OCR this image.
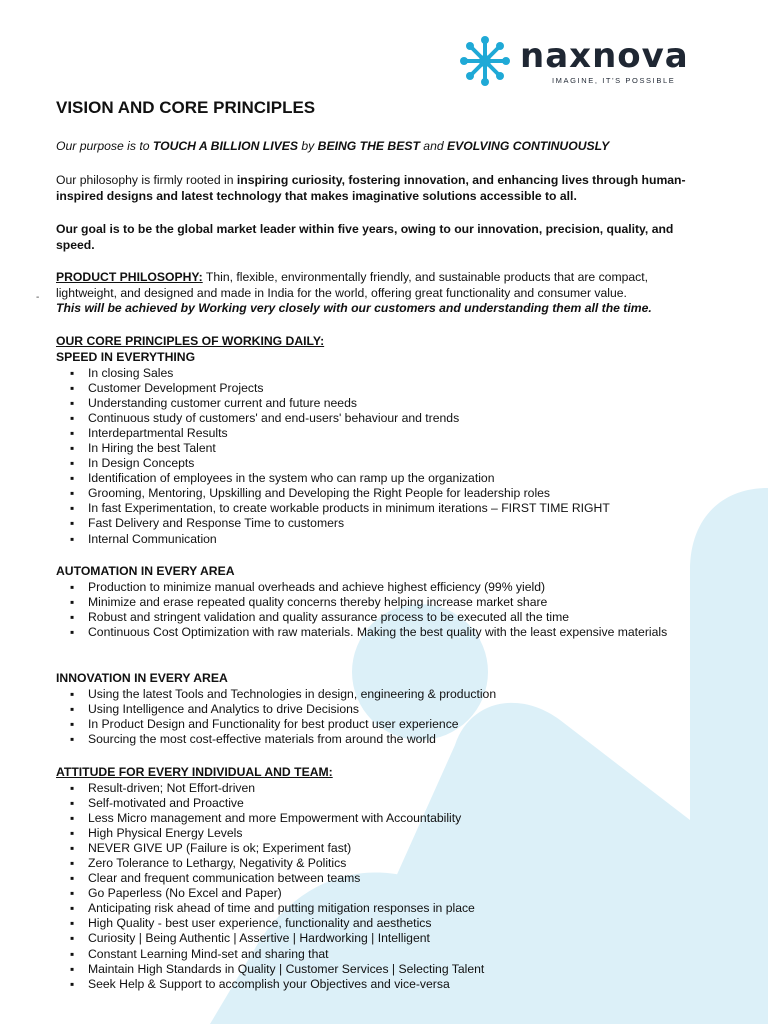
naxnova
IMAGINE, IT'S POSSIBLE
-
VISION AND CORE PRINCIPLES

Our purpose is to TOUCH A BILLION LIVES by BEING THE BEST and EVOLVING CONTINUOUSLY

Our philosophy is firmly rooted in inspiring curiosity, fostering innovation, and enhancing lives through human-inspired designs and latest technology that makes imaginative solutions accessible to all.

Our goal is to be the global market leader within five years, owing to our innovation, precision, quality, and speed.

PRODUCT PHILOSOPHY: Thin, flexible, environmentally friendly, and sustainable products that are compact, lightweight, and designed and made in India for the world, offering great functionality and consumer value.
This will be achieved by Working very closely with our customers and understanding them all the time.

OUR CORE PRINCIPLES OF WORKING DAILY:

SPEED IN EVERYTHING

▪ In closing Sales
▪ Customer Development Projects
▪ Understanding customer current and future needs
▪ Continuous study of customers' and end-users' behaviour and trends
▪ Interdepartmental Results
▪ In Hiring the best Talent
▪ In Design Concepts
▪ Identification of employees in the system who can ramp up the organization
▪ Grooming, Mentoring, Upskilling and Developing the Right People for leadership roles
▪ In fast Experimentation, to create workable products in minimum iterations – FIRST TIME RIGHT
▪ Fast Delivery and Response Time to customers
▪ Internal Communication

AUTOMATION IN EVERY AREA

▪ Production to minimize manual overheads and achieve highest efficiency (99% yield)
▪ Minimize and erase repeated quality concerns thereby helping increase market share
▪ Robust and stringent validation and quality assurance process to be executed all the time
▪ Continuous Cost Optimization with raw materials. Making the best quality with the least expensive materials

INNOVATION IN EVERY AREA

▪ Using the latest Tools and Technologies in design, engineering & production
▪ Using Intelligence and Analytics to drive Decisions
▪ In Product Design and Functionality for best product user experience
▪ Sourcing the most cost-effective materials from around the world

ATTITUDE FOR EVERY INDIVIDUAL AND TEAM:

▪ Result-driven; Not Effort-driven
▪ Self-motivated and Proactive
▪ Less Micro management and more Empowerment with Accountability
▪ High Physical Energy Levels
▪ NEVER GIVE UP (Failure is ok; Experiment fast)
▪ Zero Tolerance to Lethargy, Negativity & Politics
▪ Clear and frequent communication between teams
▪ Go Paperless (No Excel and Paper)
▪ Anticipating risk ahead of time and putting mitigation responses in place
▪ High Quality - best user experience, functionality and aesthetics
▪ Curiosity | Being Authentic | Assertive | Hardworking | Intelligent
▪ Constant Learning Mind-set and sharing that
▪ Maintain High Standards in Quality | Customer Services | Selecting Talent
▪ Seek Help & Support to accomplish your Objectives and vice-versa
